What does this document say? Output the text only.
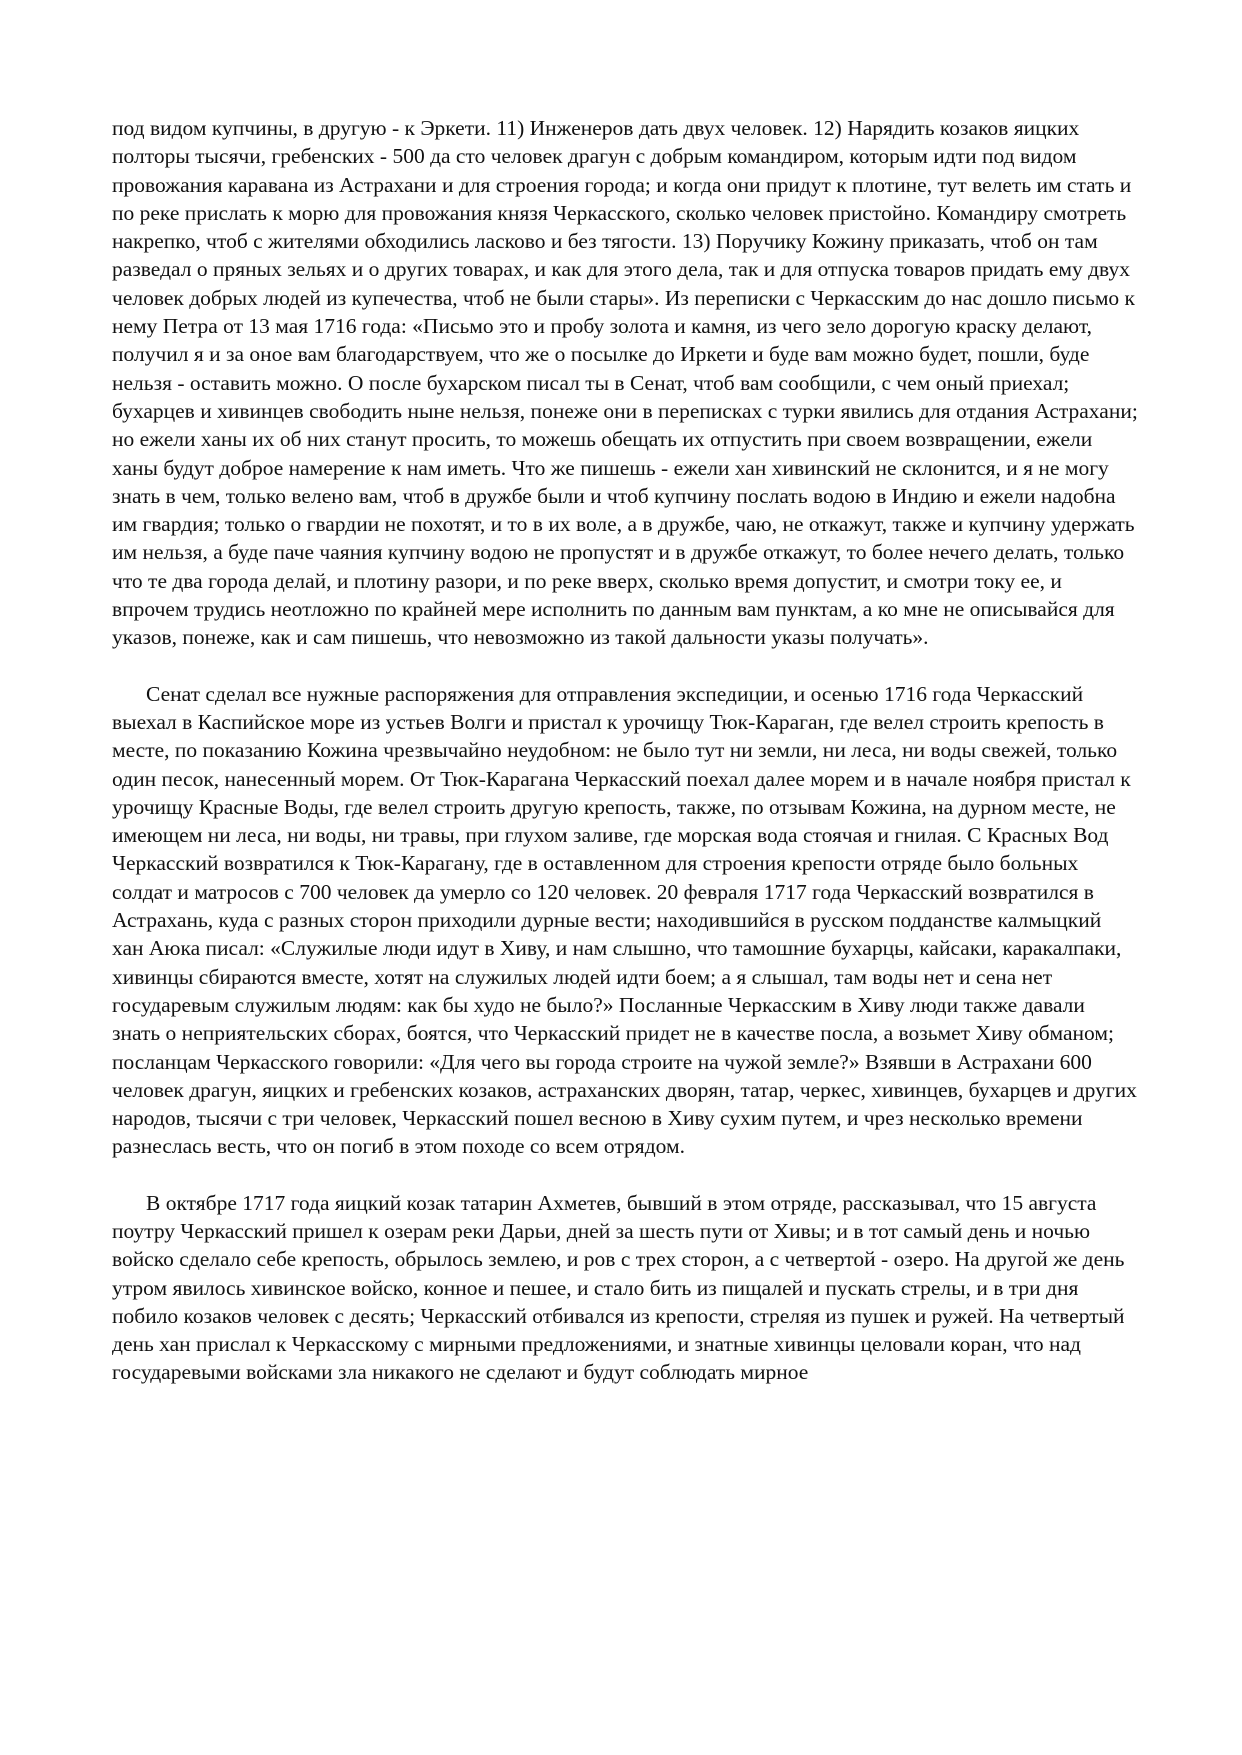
под видом купчины, в другую - к Эркети. 11) Инженеров дать двух человек. 12) Нарядить козаков яицких полторы тысячи, гребенских - 500 да сто человек драгун с добрым командиром, которым идти под видом провожания каравана из Астрахани и для строения города; и когда они придут к плотине, тут велеть им стать и по реке прислать к морю для провожания князя Черкасского, сколько человек пристойно. Командиру смотреть накрепко, чтоб с жителями обходились ласково и без тягости. 13) Поручику Кожину приказать, чтоб он там разведал о пряных зельях и о других товарах, и как для этого дела, так и для отпуска товаров придать ему двух человек добрых людей из купечества, чтоб не были стары». Из переписки с Черкасским до нас дошло письмо к нему Петра от 13 мая 1716 года: «Письмо это и пробу золота и камня, из чего зело дорогую краску делают, получил я и за оное вам благодарствуем, что же о посылке до Иркети и буде вам можно будет, пошли, буде нельзя - оставить можно. О после бухарском писал ты в Сенат, чтоб вам сообщили, с чем оный приехал; бухарцев и хивинцев свободить ныне нельзя, понеже они в переписках с турки явились для отдания Астрахани; но ежели ханы их об них станут просить, то можешь обещать их отпустить при своем возвращении, ежели ханы будут доброе намерение к нам иметь. Что же пишешь - ежели хан хивинский не склонится, и я не могу знать в чем, только велено вам, чтоб в дружбе были и чтоб купчину послать водою в Индию и ежели надобна им гвардия; только о гвардии не похотят, и то в их воле, а в дружбе, чаю, не откажут, также и купчину удержать им нельзя, а буде паче чаяния купчину водою не пропустят и в дружбе откажут, то более нечего делать, только что те два города делай, и плотину разори, и по реке вверх, сколько время допустит, и смотри току ее, и впрочем трудись неотложно по крайней мере исполнить по данным вам пунктам, а ко мне не описывайся для указов, понеже, как и сам пишешь, что невозможно из такой дальности указы получать».

Сенат сделал все нужные распоряжения для отправления экспедиции, и осенью 1716 года Черкасский выехал в Каспийское море из устьев Волги и пристал к урочищу Тюк-Караган, где велел строить крепость в месте, по показанию Кожина чрезвычайно неудобном: не было тут ни земли, ни леса, ни воды свежей, только один песок, нанесенный морем. От Тюк-Карагана Черкасский поехал далее морем и в начале ноября пристал к урочищу Красные Воды, где велел строить другую крепость, также, по отзывам Кожина, на дурном месте, не имеющем ни леса, ни воды, ни травы, при глухом заливе, где морская вода стоячая и гнилая. С Красных Вод Черкасский возвратился к Тюк-Карагану, где в оставленном для строения крепости отряде было больных солдат и матросов с 700 человек да умерло со 120 человек. 20 февраля 1717 года Черкасский возвратился в Астрахань, куда с разных сторон приходили дурные вести; находившийся в русском подданстве калмыцкий хан Аюка писал: «Служилые люди идут в Хиву, и нам слышно, что тамошние бухарцы, кайсаки, каракалпаки, хивинцы сбираются вместе, хотят на служилых людей идти боем; а я слышал, там воды нет и сена нет государевым служилым людям: как бы худо не было?» Посланные Черкасским в Хиву люди также давали знать о неприятельских сборах, боятся, что Черкасский придет не в качестве посла, а возьмет Хиву обманом; посланцам Черкасского говорили: «Для чего вы города строите на чужой земле?» Взявши в Астрахани 600 человек драгун, яицких и гребенских козаков, астраханских дворян, татар, черкес, хивинцев, бухарцев и других народов, тысячи с три человек, Черкасский пошел весною в Хиву сухим путем, и чрез несколько времени разнеслась весть, что он погиб в этом походе со всем отрядом.

В октябре 1717 года яицкий козак татарин Ахметев, бывший в этом отряде, рассказывал, что 15 августа поутру Черкасский пришел к озерам реки Дарьи, дней за шесть пути от Хивы; и в тот самый день и ночью войско сделало себе крепость, обрылось землею, и ров с трех сторон, а с четвертой - озеро. На другой же день утром явилось хивинское войско, конное и пешее, и стало бить из пищалей и пускать стрелы, и в три дня побило козаков человек с десять; Черкасский отбивался из крепости, стреляя из пушек и ружей. На четвертый день хан прислал к Черкасскому с мирными предложениями, и знатные хивинцы целовали коран, что над государевыми войсками зла никакого не сделают и будут соблюдать мирное
